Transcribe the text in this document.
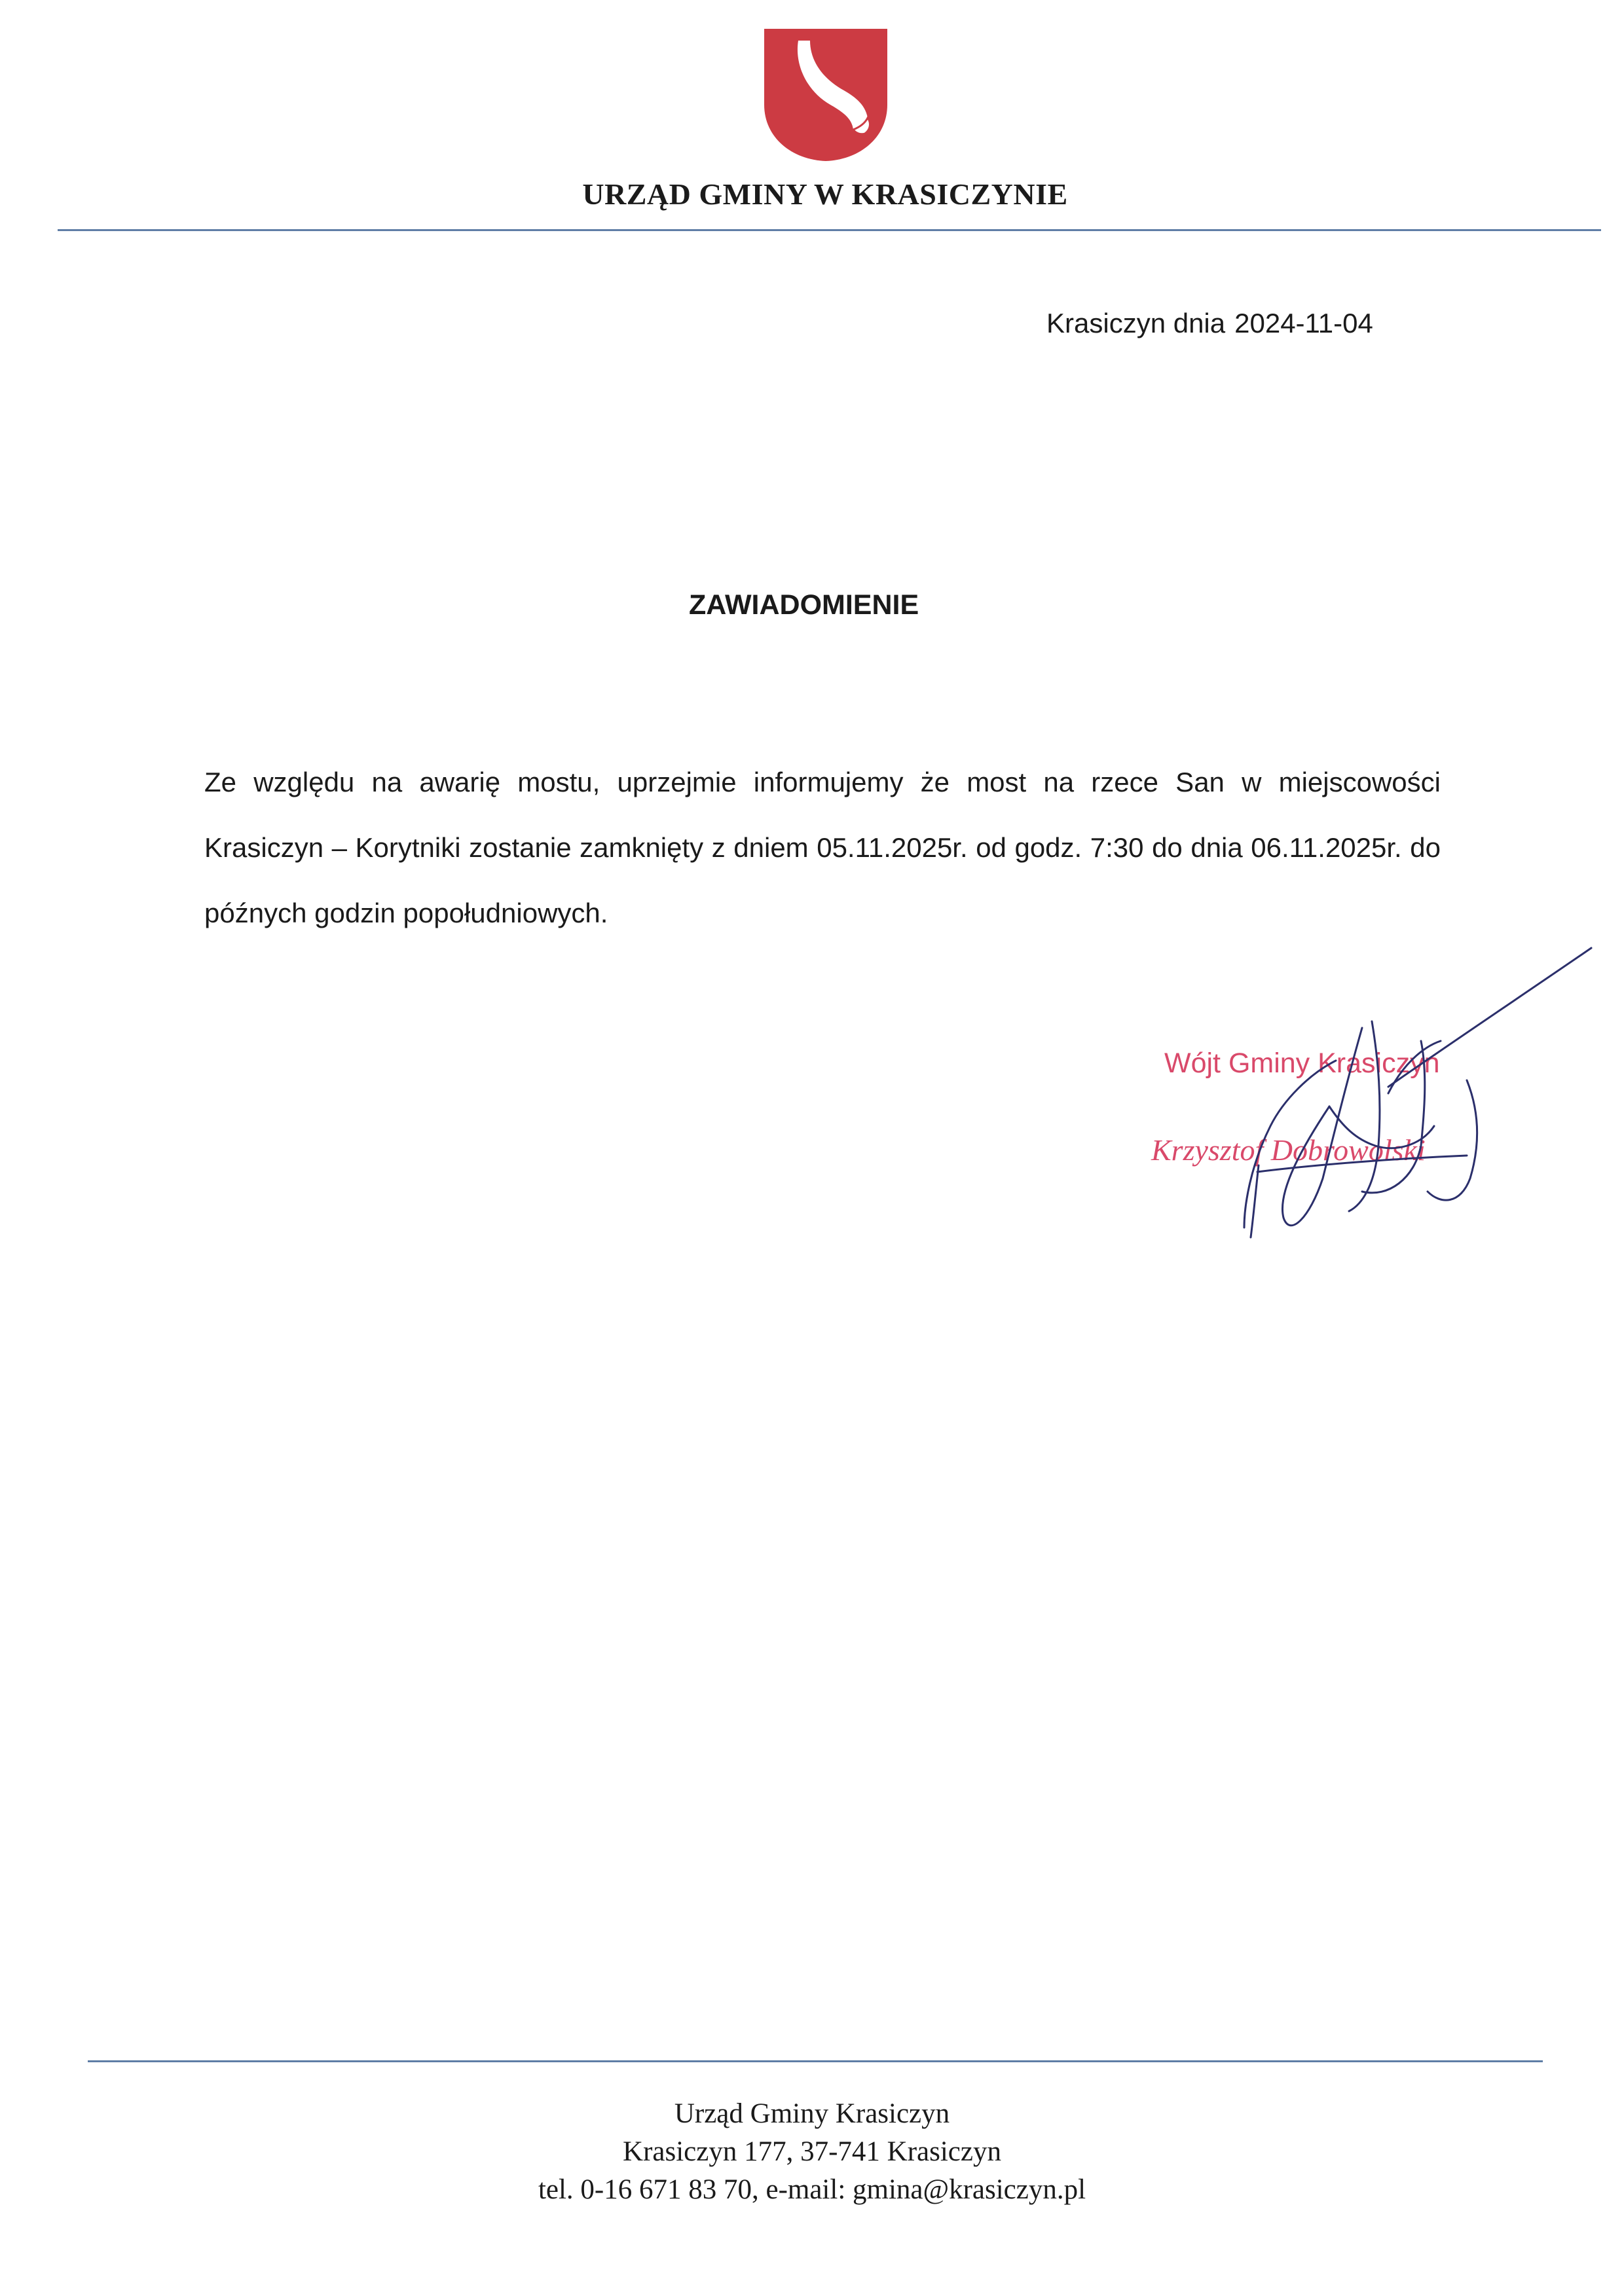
URZĄD GMINY W KRASICZYNIE
Krasiczyn dnia 2024-11-04
ZAWIADOMIENIE
Ze względu na awarię mostu, uprzejmie informujemy że most na rzece San w miejscowości Krasiczyn – Korytniki zostanie zamknięty z dniem 05.11.2025r. od godz. 7:30 do dnia 06.11.2025r. do późnych godzin popołudniowych.
Wójt Gminy Krasiczyn
Krzysztof Dobrowolski
Urząd Gminy Krasiczyn
Krasiczyn 177, 37-741 Krasiczyn
tel. 0-16 671 83 70, e-mail: gmina@krasiczyn.pl
